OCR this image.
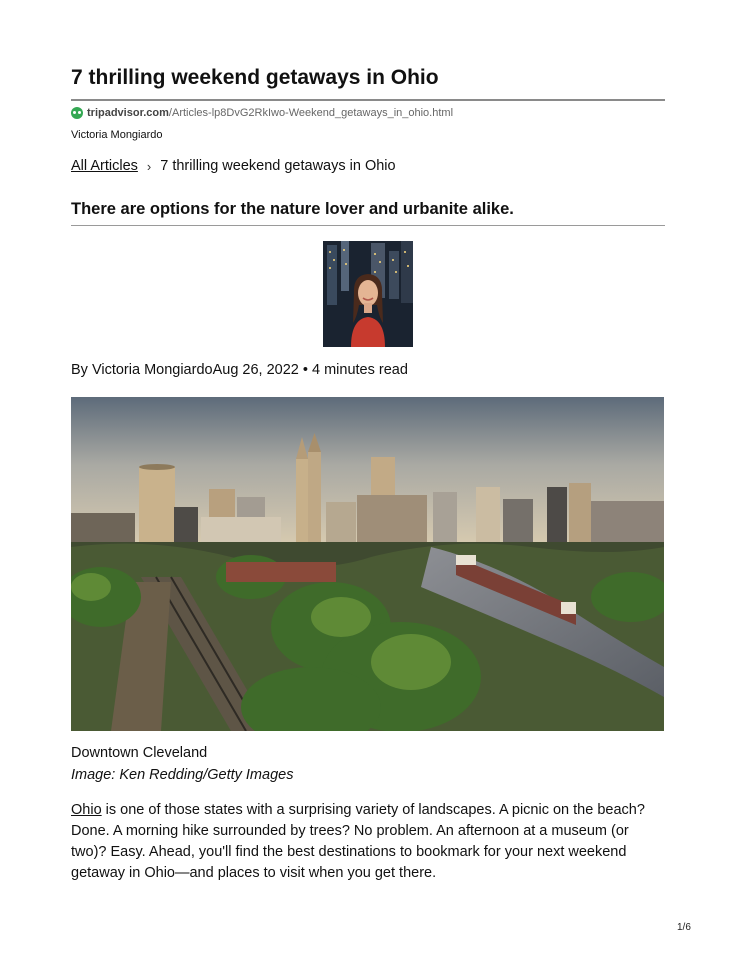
7 thrilling weekend getaways in Ohio
tripadvisor.com /Articles-lp8DvG2RkIwo-Weekend_getaways_in_ohio.html
Victoria Mongiardo
All Articles › 7 thrilling weekend getaways in Ohio
There are options for the nature lover and urbanite alike.
By Victoria MongiardoAug 26, 2022 • 4 minutes read
Downtown Cleveland
Image: Ken Redding/Getty Images

Ohio is one of those states with a surprising variety of landscapes. A picnic on the beach? Done. A morning hike surrounded by trees? No problem. An afternoon at a museum (or two)? Easy. Ahead, you'll find the best destinations to bookmark for your next weekend getaway in Ohio—and places to visit when you get there.

1/6
